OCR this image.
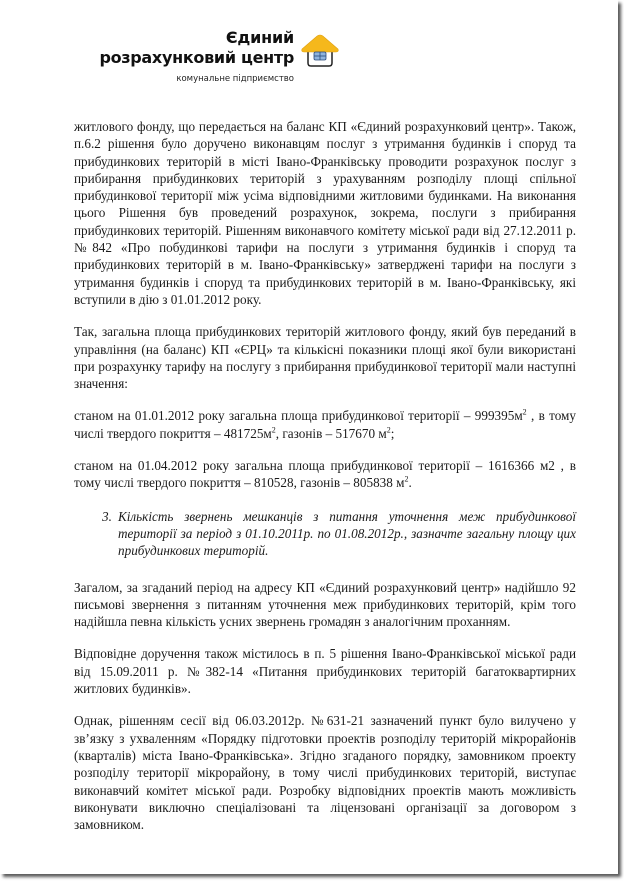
Єдиний
розрахунковий центр
комунальне підприємство

житлового фонду, що передається на баланс КП «Єдиний розрахунковий центр». Також, п.6.2 рішення було доручено виконавцям послуг з утримання будинків і споруд та прибудинкових територій в місті Івано-Франківську проводити розрахунок послуг з прибирання прибудинкових територій з урахуванням розподілу площі спільної прибудинкової території між усіма відповідними житловими будинками. На виконання цього Рішення був проведений розрахунок, зокрема, послуги з прибирання прибудинкових територій. Рішенням виконавчого комітету міської ради від 27.12.2011 р. №842 «Про побудинкові тарифи на послуги з утримання будинків і споруд та прибудинкових територій в м. Івано-Франківську» затверджені тарифи на послуги з утримання будинків і споруд та прибудинкових територій в м. Івано-Франківську, які вступили в дію з 01.01.2012 року.

Так, загальна площа прибудинкових територій житлового фонду, який був переданий в управління (на баланс) КП «ЄРЦ» та кількісні показники площі якої були використані при розрахунку тарифу на послугу з прибирання прибудинкової території мали наступні значення:

станом на 01.01.2012 року загальна площа прибудинкової території – $999395м^2$ , в тому числі твердого покриття – $481725м^2$, газонів – 517670 $м^2$;

станом на 01.04.2012 року загальна площа прибудинкової території – 1616366 м2 , в тому числі твердого покриття – 810528, газонів – 805838 $м^2$.

3. Кількість звернень мешканців з питання уточнення меж прибудинкової території за період з 01.10.2011р. по 01.08.2012р., зазначте загальну площу цих прибудинкових територій.

Загалом, за згаданий період на адресу КП «Єдиний розрахунковий центр» надійшло 92 письмові звернення з питанням уточнення меж прибудинкових територій, крім того надійшла певна кількість усних звернень громадян з аналогічним проханням.

Відповідне доручення також містилось в п. 5 рішення Івано-Франківської міської ради від 15.09.2011 р. №382-14 «Питання прибудинкових територій багатоквартирних житлових будинків».

Однак, рішенням сесії від 06.03.2012р. №631-21 зазначений пункт було вилучено у зв’язку з ухваленням «Порядку підготовки проектів розподілу територій мікрорайонів (кварталів) міста Івано-Франківська». Згідно згаданого порядку, замовником проекту розподілу території мікрорайону, в тому числі прибудинкових територій, виступає виконавчий комітет міської ради. Розробку відповідних проектів мають можливість виконувати виключно спеціалізовані та ліцензовані організації за договором з замовником.
